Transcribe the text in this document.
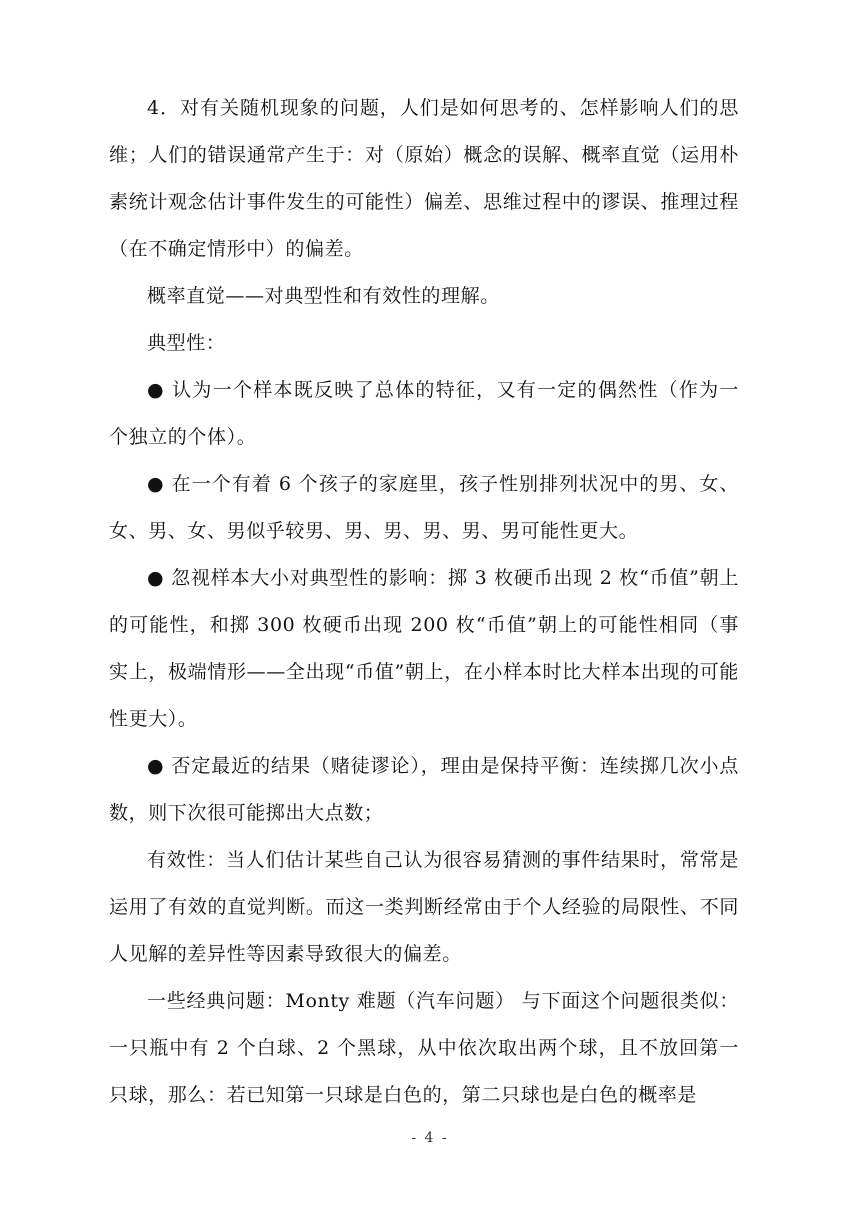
4．对有关随机现象的问题，人们是如何思考的、怎样影响人们的思维；人们的错误通常产生于：对（原始）概念的误解、概率直觉（运用朴素统计观念估计事件发生的可能性）偏差、思维过程中的谬误、推理过程（在不确定情形中）的偏差。

概率直觉——对典型性和有效性的理解。

典型性：

● 认为一个样本既反映了总体的特征，又有一定的偶然性（作为一个独立的个体）。

● 在一个有着 6 个孩子的家庭里，孩子性别排列状况中的男、女、女、男、女、男似乎较男、男、男、男、男、男可能性更大。

● 忽视样本大小对典型性的影响：掷 3 枚硬币出现 2 枚“币值”朝上的可能性，和掷 300 枚硬币出现 200 枚“币值”朝上的可能性相同（事实上，极端情形——全出现“币值”朝上，在小样本时比大样本出现的可能性更大）。

● 否定最近的结果（赌徒谬论），理由是保持平衡：连续掷几次小点数，则下次很可能掷出大点数；

有效性：当人们估计某些自己认为很容易猜测的事件结果时，常常是运用了有效的直觉判断。而这一类判断经常由于个人经验的局限性、不同人见解的差异性等因素导致很大的偏差。

一些经典问题：Monty 难题（汽车问题） 与下面这个问题很类似：一只瓶中有 2 个白球、2 个黑球，从中依次取出两个球，且不放回第一只球，那么：若已知第一只球是白色的，第二只球也是白色的概率是

- 4 -
